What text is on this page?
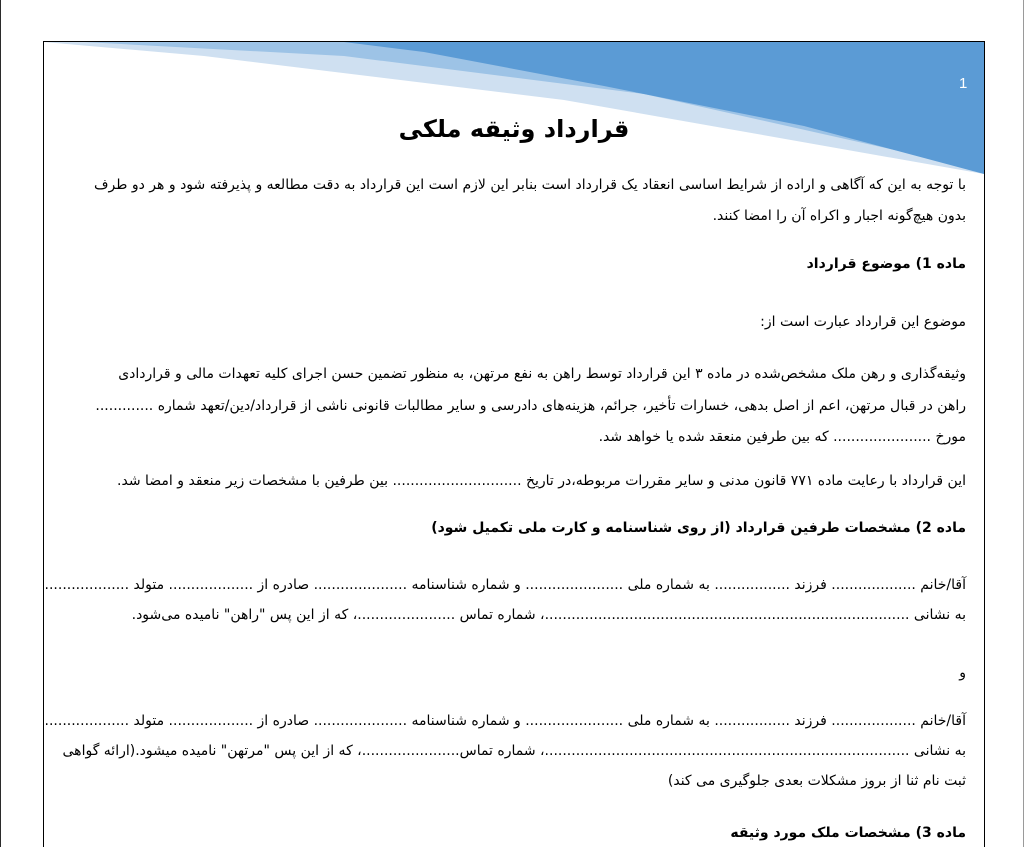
1
قرارداد وثیقه ملکی
با توجه به این که آگاهی و اراده از شرایط اساسی انعقاد یک قرارداد است بنابر این لازم است این قرارداد به دقت مطالعه و پذیرفته شود و هر دو طرف
بدون هیچ‌گونه اجبار و اکراه آن را امضا کنند.
ماده 1) موضوع قرارداد
موضوع این قرارداد عبارت است از:
وثیقه‌گذاری و رهن ملک مشخص‌شده در ماده ۳ این قرارداد توسط راهن به نفع مرتهن، به منظور تضمین حسن اجرای کلیه تعهدات مالی و قراردادی
راهن در قبال مرتهن، اعم از اصل بدهی، خسارات تأخیر، جرائم، هزینه‌های دادرسی و سایر مطالبات قانونی ناشی از قرارداد/دین/تعهد شماره .............
مورخ ...................... که بین طرفین منعقد شده یا خواهد شد.
این قرارداد با رعایت ماده ۷۷۱ قانون مدنی و سایر مقررات مربوطه،در تاریخ ............................. بین طرفین با مشخصات زیر منعقد و امضا شد.
ماده 2) مشخصات طرفین قرارداد (از روی شناسنامه و کارت ملی تکمیل شود)
آقا/خانم ................... فرزند ................. به شماره ملی ...................... و شماره شناسنامه ..................... صادره از ................... متولد ...................
به نشانی ..................................................................................، شماره تماس ......................، که از این پس "راهن" نامیده می‌شود.
و
آقا/خانم ................... فرزند ................. به شماره ملی ...................... و شماره شناسنامه ..................... صادره از ................... متولد ...................
به نشانی ..................................................................................، شماره تماس......................، که از این پس "مرتهن" نامیده میشود.(ارائه گواهی
ثبت نام ثنا از بروز مشکلات بعدی جلوگیری می کند)
ماده 3) مشخصات ملک مورد وثیقه
